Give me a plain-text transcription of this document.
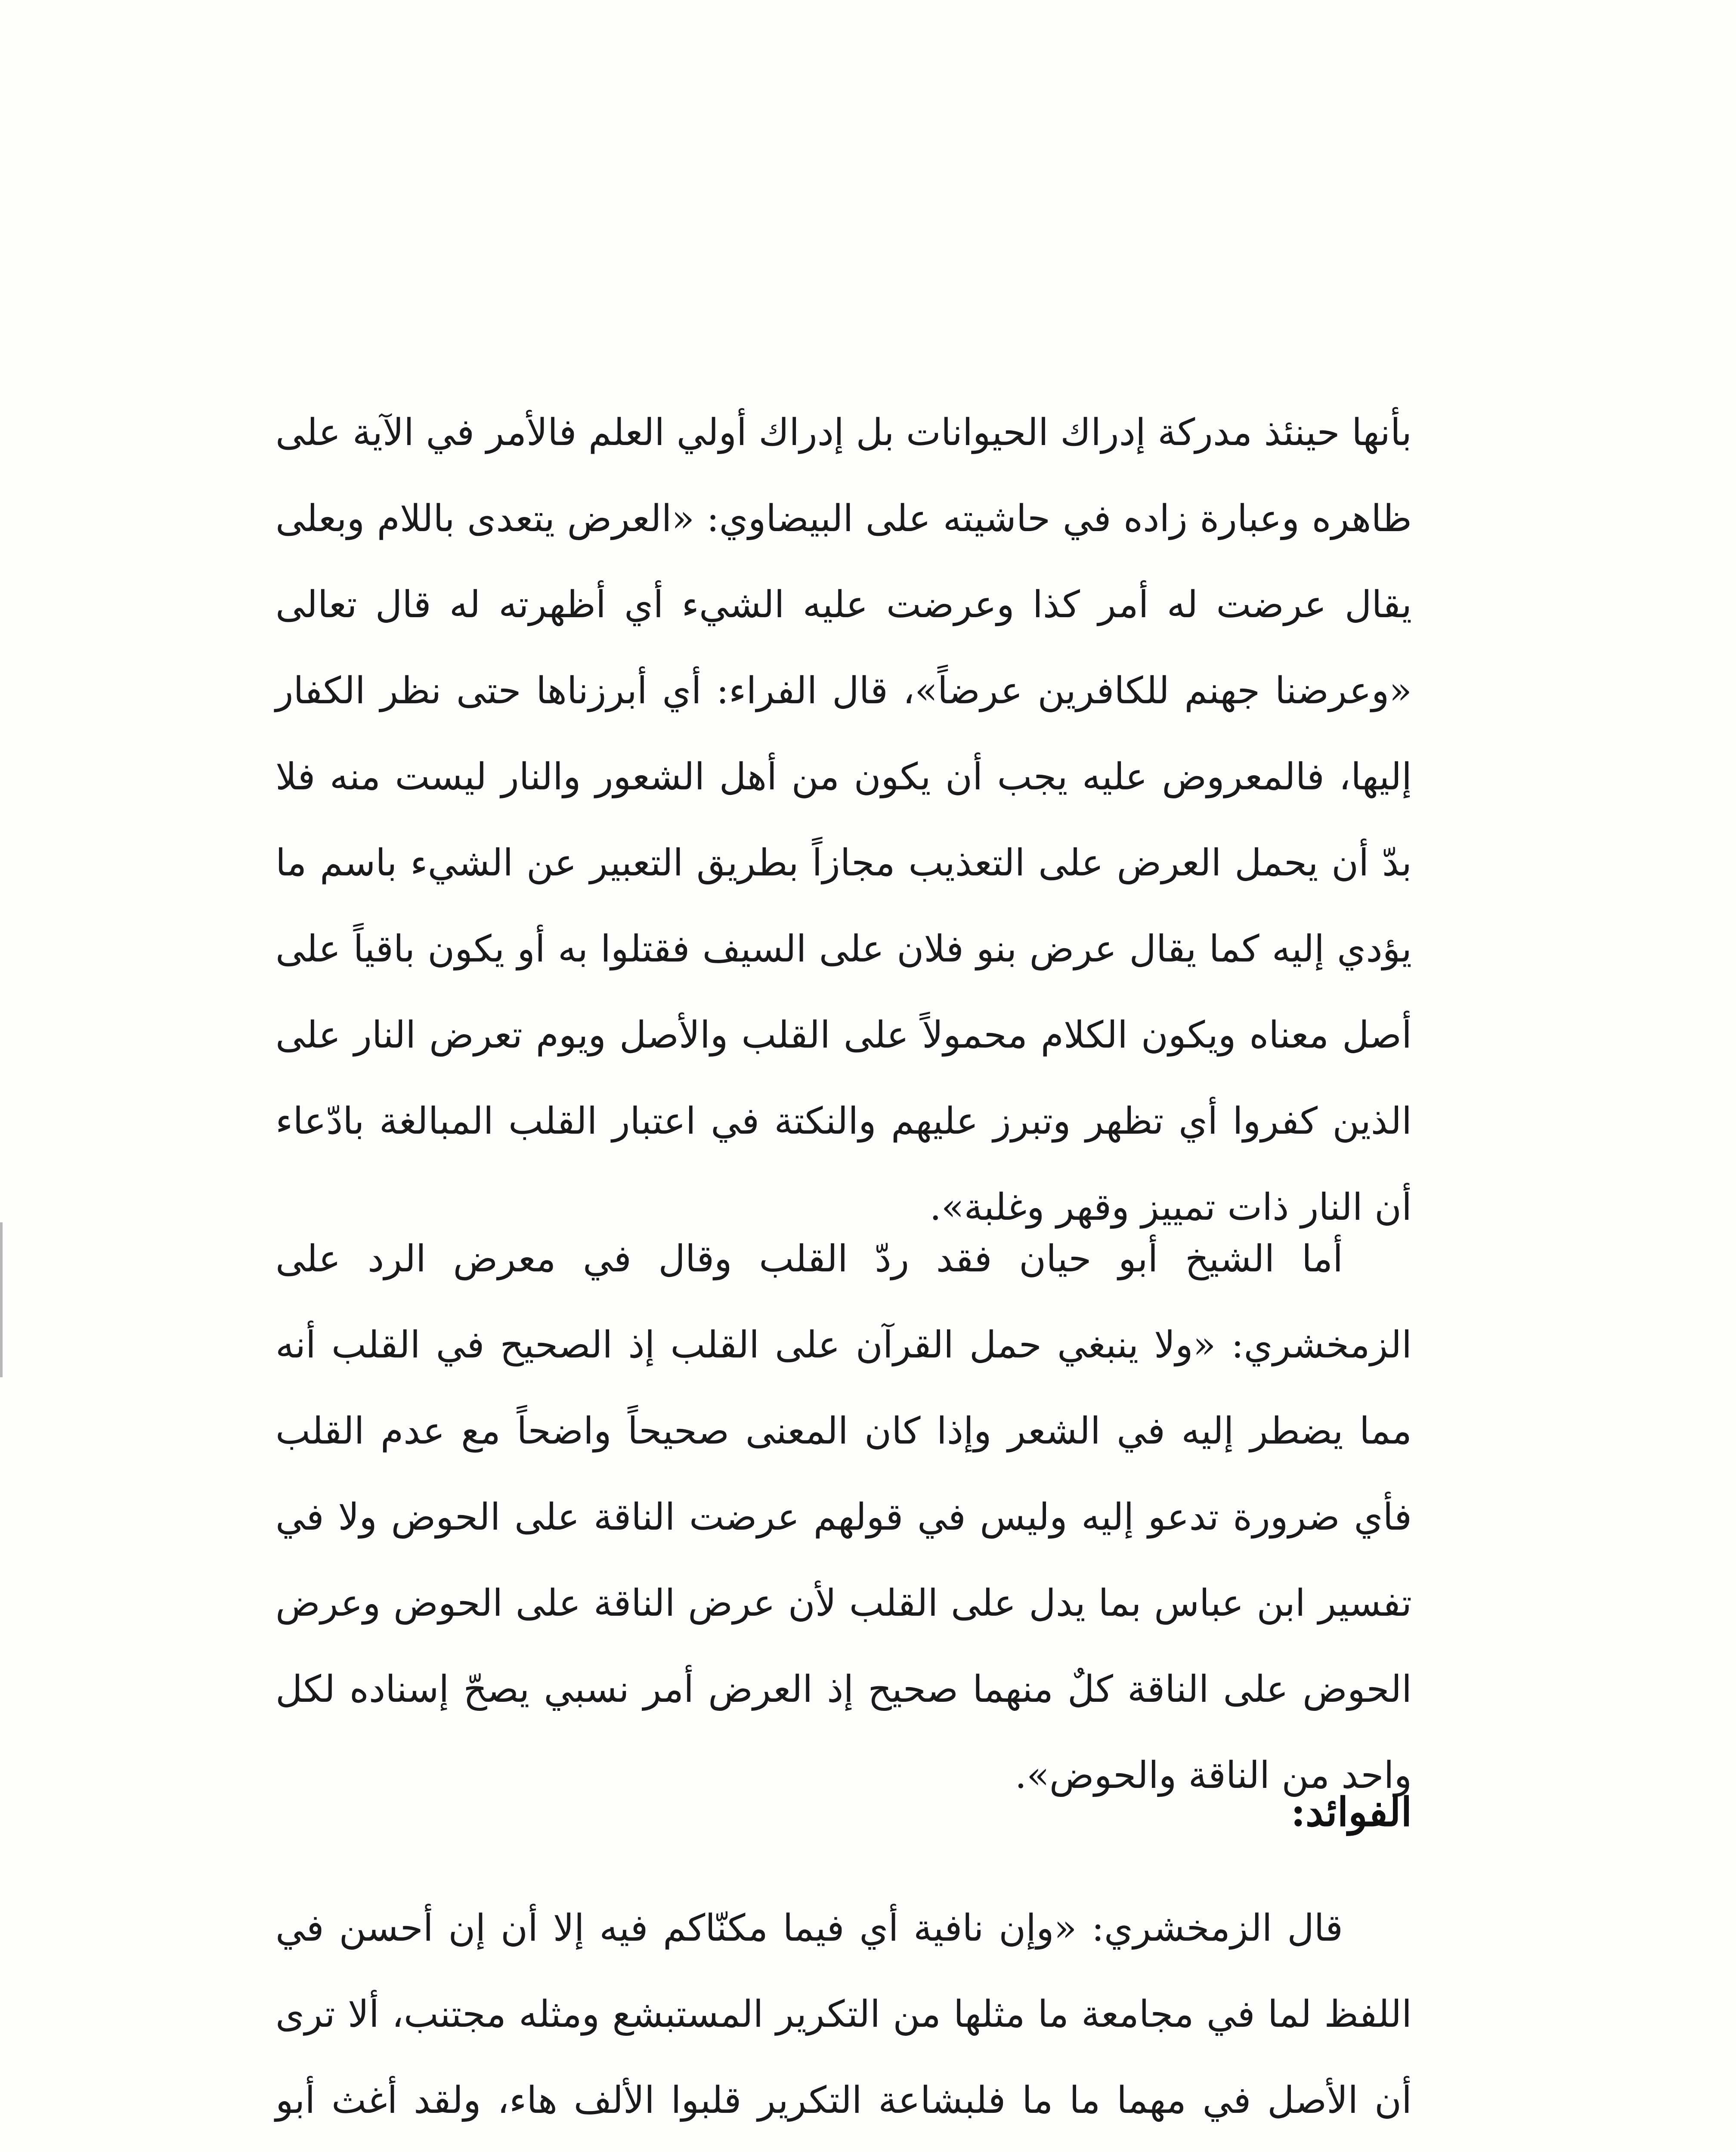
بأنها حينئذ مدركة إدراك الحيوانات بل إدراك أولي العلم فالأمر في الآية على ظاهره وعبارة زاده في حاشيته على البيضاوي: «العرض يتعدى باللام وبعلى يقال عرضت له أمر كذا وعرضت عليه الشيء أي أظهرته له قال تعالى «وعرضنا جهنم للكافرين عرضاً»، قال الفراء: أي أبرزناها حتى نظر الكفار إليها، فالمعروض عليه يجب أن يكون من أهل الشعور والنار ليست منه فلا بدّ أن يحمل العرض على التعذيب مجازاً بطريق التعبير عن الشيء باسم ما يؤدي إليه كما يقال عرض بنو فلان على السيف فقتلوا به أو يكون باقياً على أصل معناه ويكون الكلام محمولاً على القلب والأصل ويوم تعرض النار على الذين كفروا أي تظهر وتبرز عليهم والنكتة في اعتبار القلب المبالغة بادّعاء أن النار ذات تمييز وقهر وغلبة».

أما الشيخ أبو حيان فقد ردّ القلب وقال في معرض الرد على الزمخشري: «ولا ينبغي حمل القرآن على القلب إذ الصحيح في القلب أنه مما يضطر إليه في الشعر وإذا كان المعنى صحيحاً واضحاً مع عدم القلب فأي ضرورة تدعو إليه وليس في قولهم عرضت الناقة على الحوض ولا في تفسير ابن عباس بما يدل على القلب لأن عرض الناقة على الحوض وعرض الحوض على الناقة كلٌ منهما صحيح إذ العرض أمر نسبي يصحّ إسناده لكل واحد من الناقة والحوض».

الفوائد:

قال الزمخشري: «وإن نافية أي فيما مكنّاكم فيه إلا أن إن أحسن في اللفظ لما في مجامعة ما مثلها من التكرير المستبشع ومثله مجتنب، ألا ترى أن الأصل في مهما ما ما فلبشاعة التكرير قلبوا الألف هاء، ولقد أغث أبو
